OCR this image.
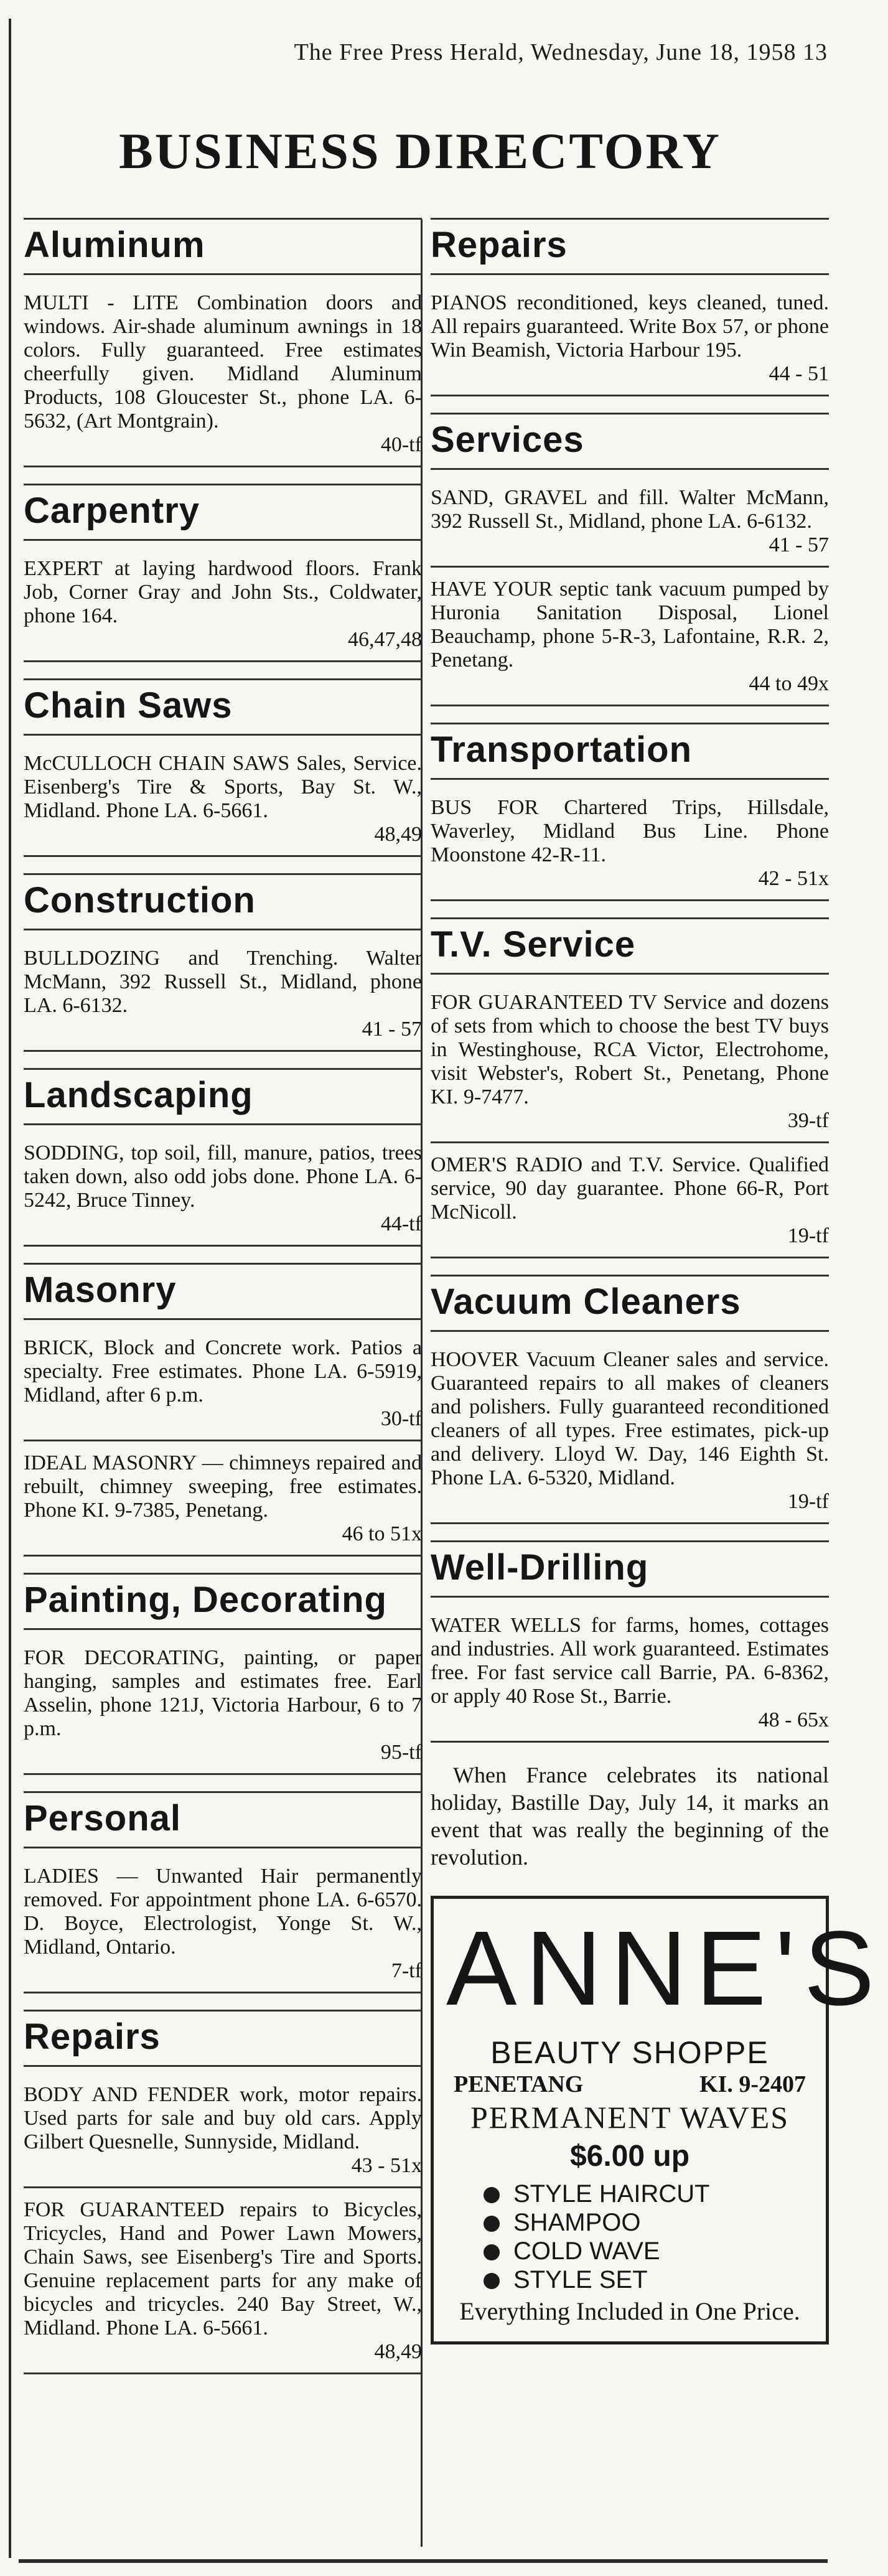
The Free Press Herald, Wednesday, June 18, 1958 13
BUSINESS DIRECTORY
Aluminum
MULTI - LITE Combination doors and windows. Air-shade aluminum awnings in 18 colors. Fully guaranteed. Free estimates cheerfully given. Midland Aluminum Products, 108 Gloucester St., phone LA. 6-5632, (Art Montgrain).
40-tf
Carpentry
EXPERT at laying hardwood floors. Frank Job, Corner Gray and John Sts., Coldwater, phone 164.
46,47,48
Chain Saws
McCULLOCH CHAIN SAWS Sales, Service. Eisenberg's Tire & Sports, Bay St. W., Midland. Phone LA. 6-5661.
48,49
Construction
BULLDOZING and Trenching. Walter McMann, 392 Russell St., Midland, phone LA. 6-6132.
41 - 57
Landscaping
SODDING, top soil, fill, manure, patios, trees taken down, also odd jobs done. Phone LA. 6-5242, Bruce Tinney.
44-tf
Masonry
BRICK, Block and Concrete work. Patios a specialty. Free estimates. Phone LA. 6-5919, Midland, after 6 p.m.
30-tf
IDEAL MASONRY — chimneys repaired and rebuilt, chimney sweeping, free estimates. Phone KI. 9-7385, Penetang.
46 to 51x
Painting, Decorating
FOR DECORATING, painting, or paper hanging, samples and estimates free. Earl Asselin, phone 121J, Victoria Harbour, 6 to 7 p.m.
95-tf
Personal
LADIES — Unwanted Hair permanently removed. For appointment phone LA. 6-6570. D. Boyce, Electrologist, Yonge St. W., Midland, Ontario.
7-tf
Repairs
BODY AND FENDER work, motor repairs. Used parts for sale and buy old cars. Apply Gilbert Quesnelle, Sunnyside, Midland.
43 - 51x
FOR GUARANTEED repairs to Bicycles, Tricycles, Hand and Power Lawn Mowers, Chain Saws, see Eisenberg's Tire and Sports. Genuine replacement parts for any make of bicycles and tricycles. 240 Bay Street, W., Midland. Phone LA. 6-5661.
48,49
Repairs
PIANOS reconditioned, keys cleaned, tuned. All repairs guaranteed. Write Box 57, or phone Win Beamish, Victoria Harbour 195.
44 - 51
Services
SAND, GRAVEL and fill. Walter McMann, 392 Russell St., Midland, phone LA. 6-6132.
41 - 57
HAVE YOUR septic tank vacuum pumped by Huronia Sanitation Disposal, Lionel Beauchamp, phone 5-R-3, Lafontaine, R.R. 2, Penetang.
44 to 49x
Transportation
BUS FOR Chartered Trips, Hillsdale, Waverley, Midland Bus Line. Phone Moonstone 42-R-11.
42 - 51x
T.V. Service
FOR GUARANTEED TV Service and dozens of sets from which to choose the best TV buys in Westinghouse, RCA Victor, Electrohome, visit Webster's, Robert St., Penetang, Phone KI. 9-7477.
39-tf
OMER'S RADIO and T.V. Service. Qualified service, 90 day guarantee. Phone 66-R, Port McNicoll.
19-tf
Vacuum Cleaners
HOOVER Vacuum Cleaner sales and service. Guaranteed repairs to all makes of cleaners and polishers. Fully guaranteed reconditioned cleaners of all types. Free estimates, pick-up and delivery. Lloyd W. Day, 146 Eighth St. Phone LA. 6-5320, Midland.
19-tf
Well-Drilling
WATER WELLS for farms, homes, cottages and industries. All work guaranteed. Estimates free. For fast service call Barrie, PA. 6-8362, or apply 40 Rose St., Barrie.
48 - 65x
When France celebrates its national holiday, Bastille Day, July 14, it marks an event that was really the beginning of the revolution.
ANNE'S
BEAUTY SHOPPE
PENETANG	KI. 9-2407
PERMANENT WAVES
$6.00 up
STYLE HAIRCUT
SHAMPOO
COLD WAVE
STYLE SET
Everything Included in One Price.
